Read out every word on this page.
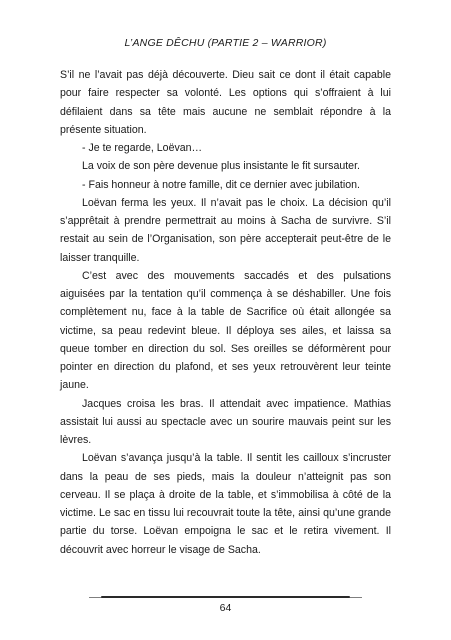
L’ANGE DÊCHU (PARTIE 2 – WARRIOR)

S’il ne l’avait pas déjà découverte. Dieu sait ce dont il était capable pour faire respecter sa volonté. Les options qui s’offraient à lui défilaient dans sa tête mais aucune ne semblait répondre à la présente situation.

- Je te regarde, Loëvan…

La voix de son père devenue plus insistante le fit sursauter.

- Fais honneur à notre famille, dit ce dernier avec jubilation.

Loëvan ferma les yeux. Il n’avait pas le choix. La décision qu’il s’apprêtait à prendre permettrait au moins à Sacha de survivre. S’il restait au sein de l’Organisation, son père accepterait peut-être de le laisser tranquille.

C’est avec des mouvements saccadés et des pulsations aiguisées par la tentation qu’il commença à se déshabiller. Une fois complètement nu, face à la table de Sacrifice où était allongée sa victime, sa peau redevint bleue. Il déploya ses ailes, et laissa sa queue tomber en direction du sol. Ses oreilles se déformèrent pour pointer en direction du plafond, et ses yeux retrouvèrent leur teinte jaune.

Jacques croisa les bras. Il attendait avec impatience. Mathias assistait lui aussi au spectacle avec un sourire mauvais peint sur les lèvres.

Loëvan s’avança jusqu’à la table. Il sentit les cailloux s’incruster dans la peau de ses pieds, mais la douleur n’atteignit pas son cerveau. Il se plaça à droite de la table, et s’immobilisa à côté de la victime. Le sac en tissu lui recouvrait toute la tête, ainsi qu’une grande partie du torse. Loëvan empoigna le sac et le retira vivement. Il découvrit avec horreur le visage de Sacha.

64
